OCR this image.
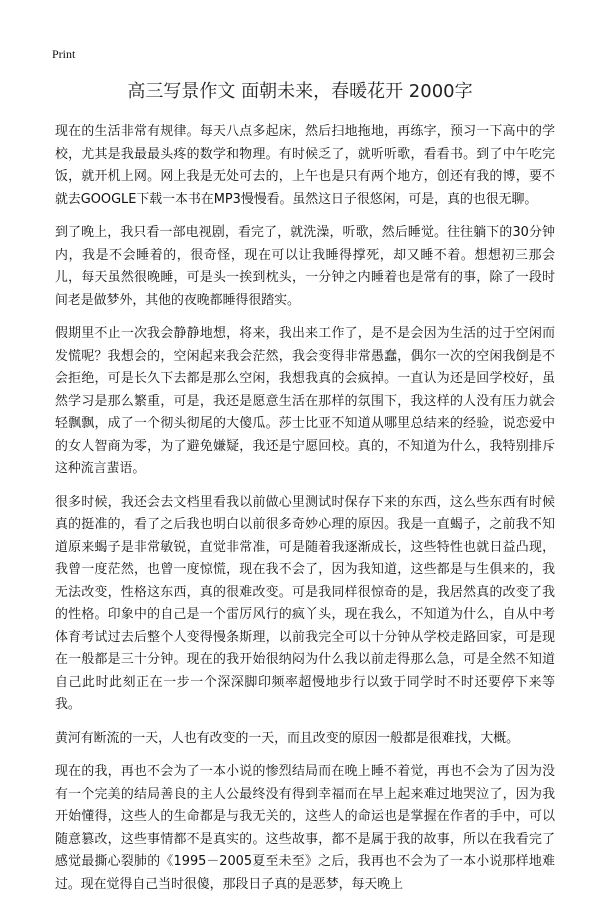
Print
高三写景作文 面朝未来，春暖花开 2000字

现在的生活非常有规律。每天八点多起床，然后扫地拖地，再练字，预习一下高中的学校，尤其是我最最头疼的数学和物理。有时候乏了，就听听歌，看看书。到了中午吃完饭，就开机上网。网上我是无处可去的，上午也是只有两个地方，创还有我的博，要不就去GOOGLE下载一本书在MP3慢慢看。虽然这日子很悠闲，可是，真的也很无聊。

到了晚上，我只看一部电视剧，看完了，就洗澡，听歌，然后睡觉。往往躺下的30分钟内，我是不会睡着的，很奇怪，现在可以让我睡得撑死，却又睡不着。想想初三那会儿，每天虽然很晚睡，可是头一挨到枕头，一分钟之内睡着也是常有的事，除了一段时间老是做梦外，其他的夜晚都睡得很踏实。

假期里不止一次我会静静地想，将来，我出来工作了，是不是会因为生活的过于空闲而发慌呢？我想会的，空闲起来我会茫然，我会变得非常愚蠢，偶尔一次的空闲我倒是不会拒绝，可是长久下去都是那么空闲，我想我真的会疯掉。一直认为还是回学校好，虽然学习是那么繁重，可是，我还是愿意生活在那样的氛围下，我这样的人没有压力就会轻飘飘，成了一个彻头彻尾的大傻瓜。莎士比亚不知道从哪里总结来的经验，说恋爱中的女人智商为零，为了避免嫌疑，我还是宁愿回校。真的，不知道为什么，我特别排斥这种流言蜚语。

很多时候，我还会去文档里看我以前做心里测试时保存下来的东西，这么些东西有时候真的挺准的，看了之后我也明白以前很多奇妙心理的原因。我是一直蝎子，之前我不知道原来蝎子是非常敏锐，直觉非常准，可是随着我逐渐成长，这些特性也就日益凸现，我曾一度茫然，也曾一度惊慌，现在我不会了，因为我知道，这些都是与生俱来的，我无法改变，性格这东西，真的很难改变。可是我同样很惊奇的是，我居然真的改变了我的性格。印象中的自己是一个雷厉风行的疯丫头，现在我么，不知道为什么，自从中考体育考试过去后整个人变得慢条斯理，以前我完全可以十分钟从学校走路回家，可是现在一般都是三十分钟。现在的我开始很纳闷为什么我以前走得那么急，可是全然不知道自己此时此刻正在一步一个深深脚印频率超慢地步行以致于同学时不时还要停下来等我。

黄河有断流的一天，人也有改变的一天，而且改变的原因一般都是很难找，大概。

现在的我，再也不会为了一本小说的惨烈结局而在晚上睡不着觉，再也不会为了因为没有一个完美的结局善良的主人公最终没有得到幸福而在早上起来难过地哭泣了，因为我开始懂得，这些人的生命都是与我无关的，这些人的命运也是掌握在作者的手中，可以随意篡改，这些事情都不是真实的。这些故事，都不是属于我的故事，所以在我看完了感觉最撕心裂肺的《1995－2005夏至未至》之后，我再也不会为了一本小说那样地难过。现在觉得自己当时很傻，那段日子真的是恶梦，每天晚上
